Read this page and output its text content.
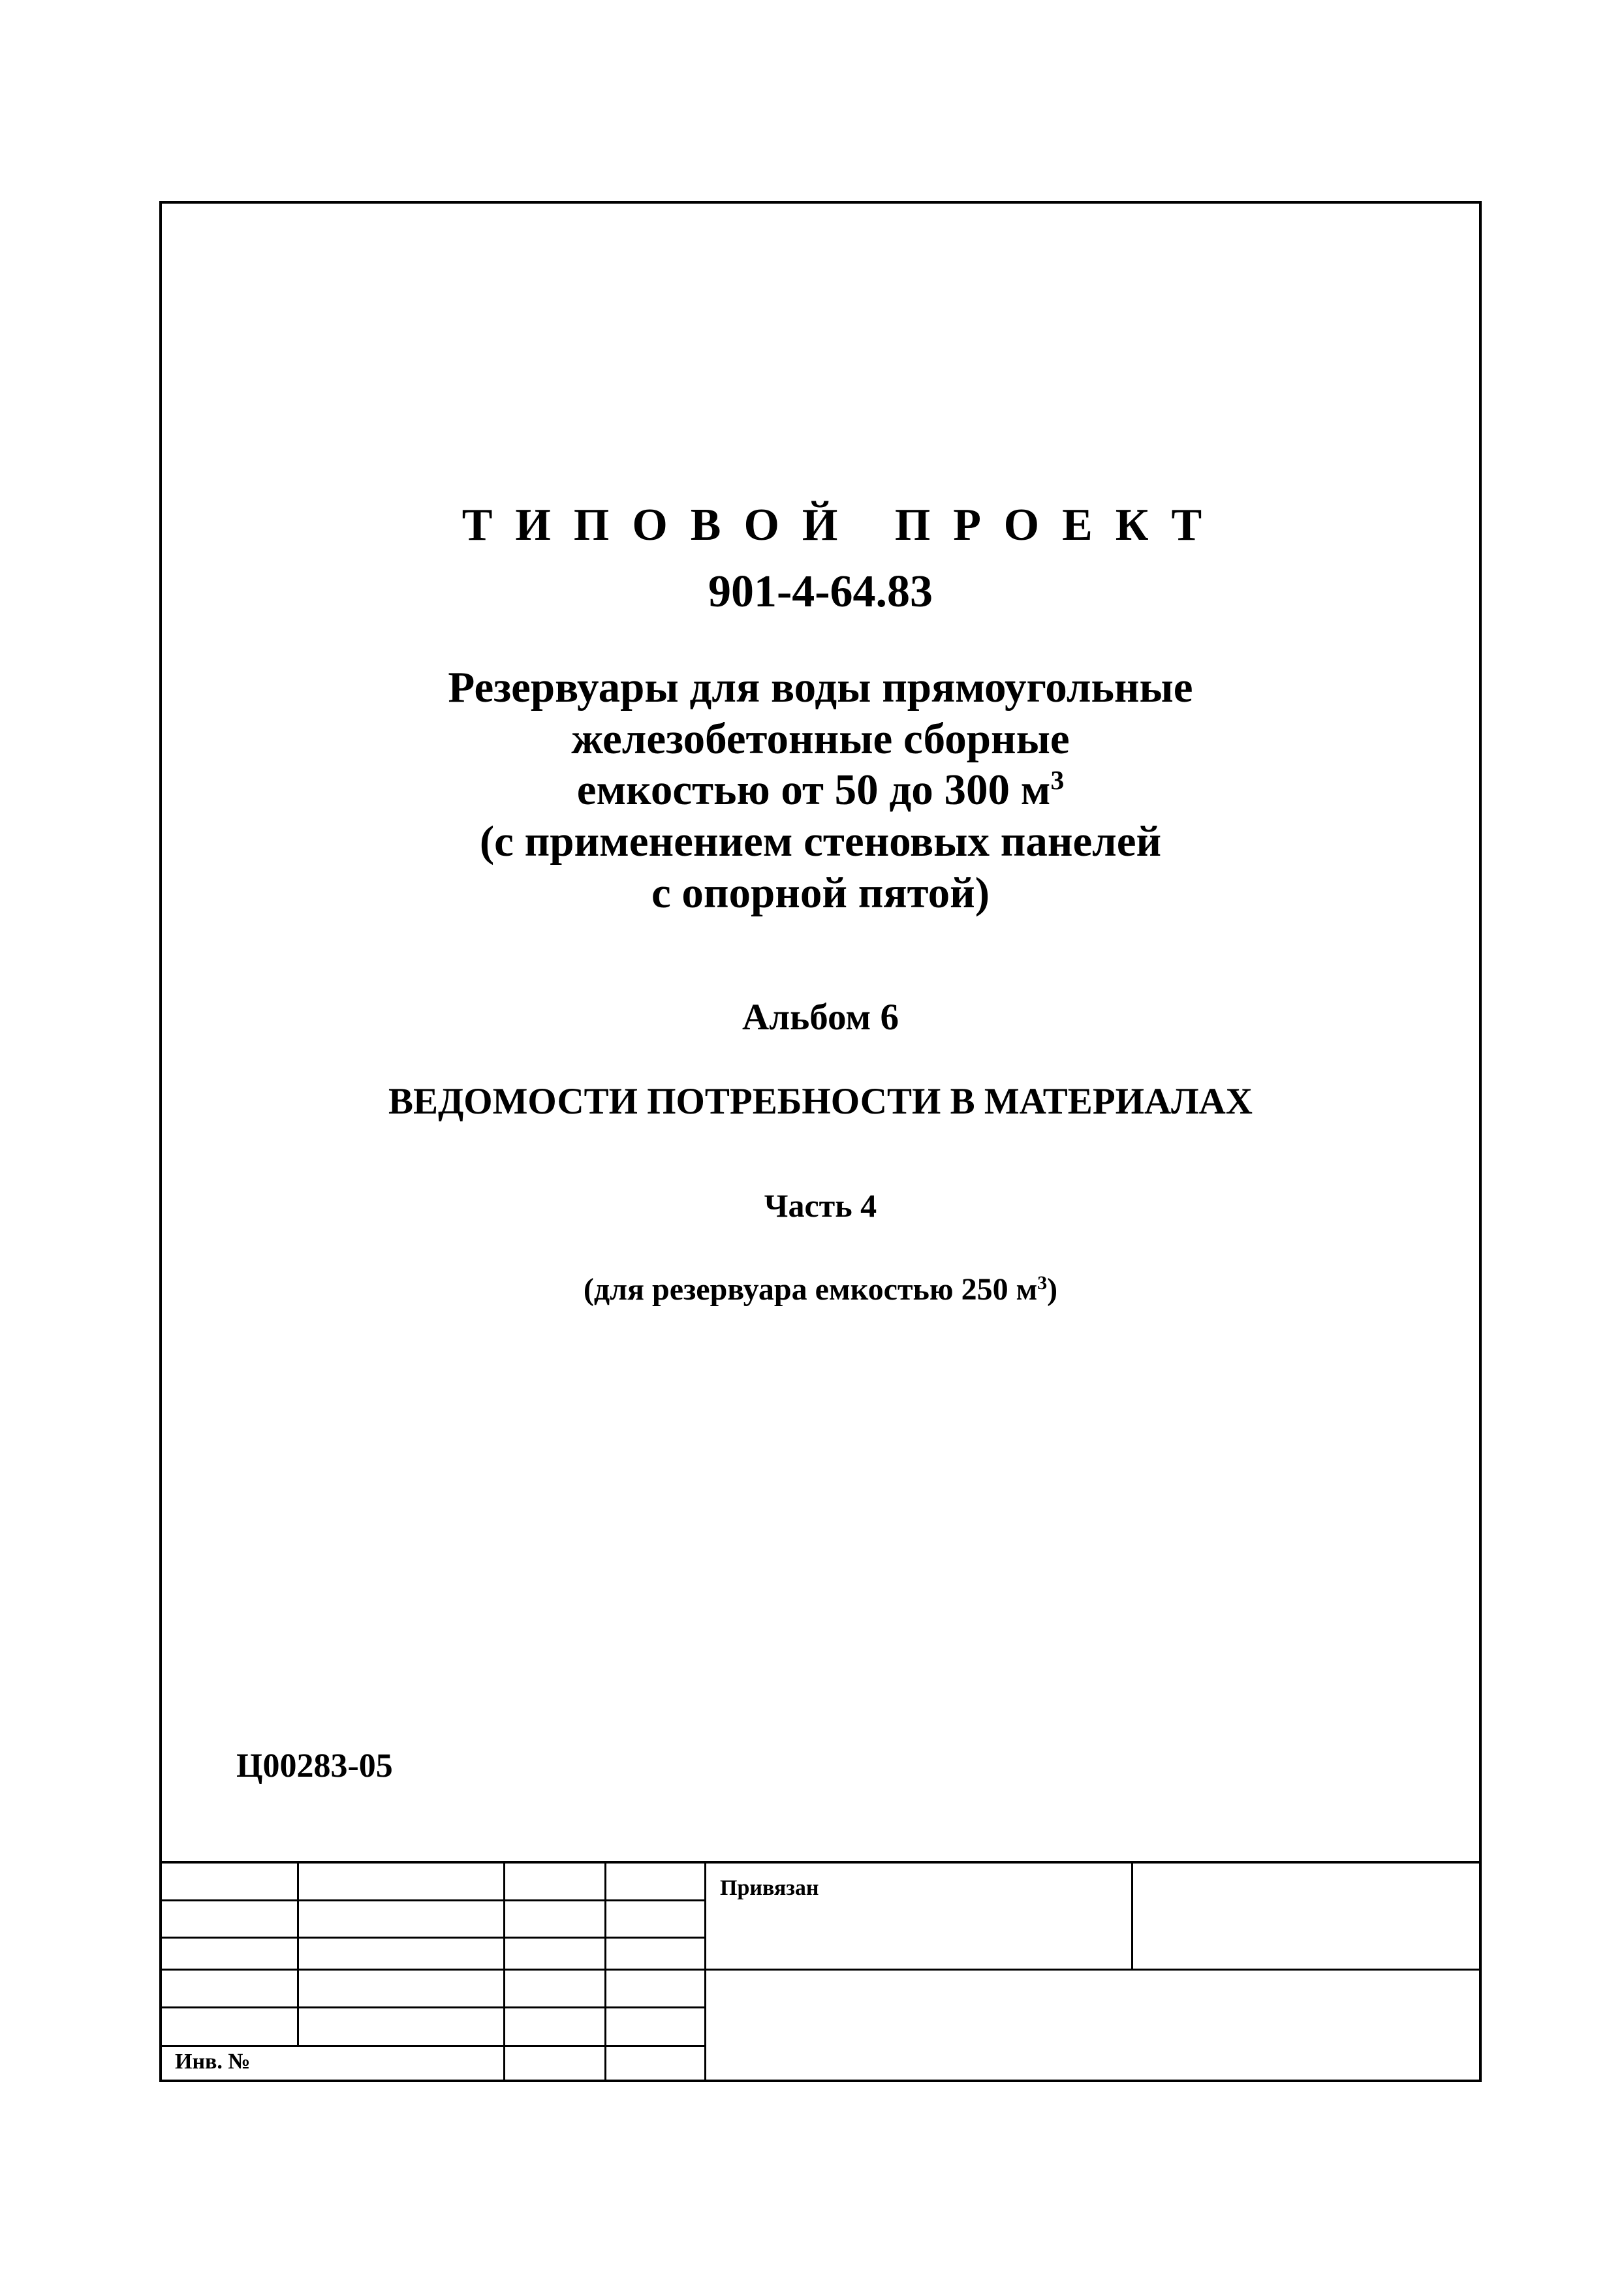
ТИПОВОЙ ПРОЕКТ
901-4-64.83
Резервуары для воды прямоугольные
железобетонные сборные
емкостью от 50 до 300 $м^3$
(с применением стеновых панелей
с опорной пятой)
Альбом 6
ВЕДОМОСТИ ПОТРЕБНОСТИ В МАТЕРИАЛАХ
Часть 4
(для резервуара емкостью 250 $м^3$)
Ц00283-05
Привязан
Инв. №
